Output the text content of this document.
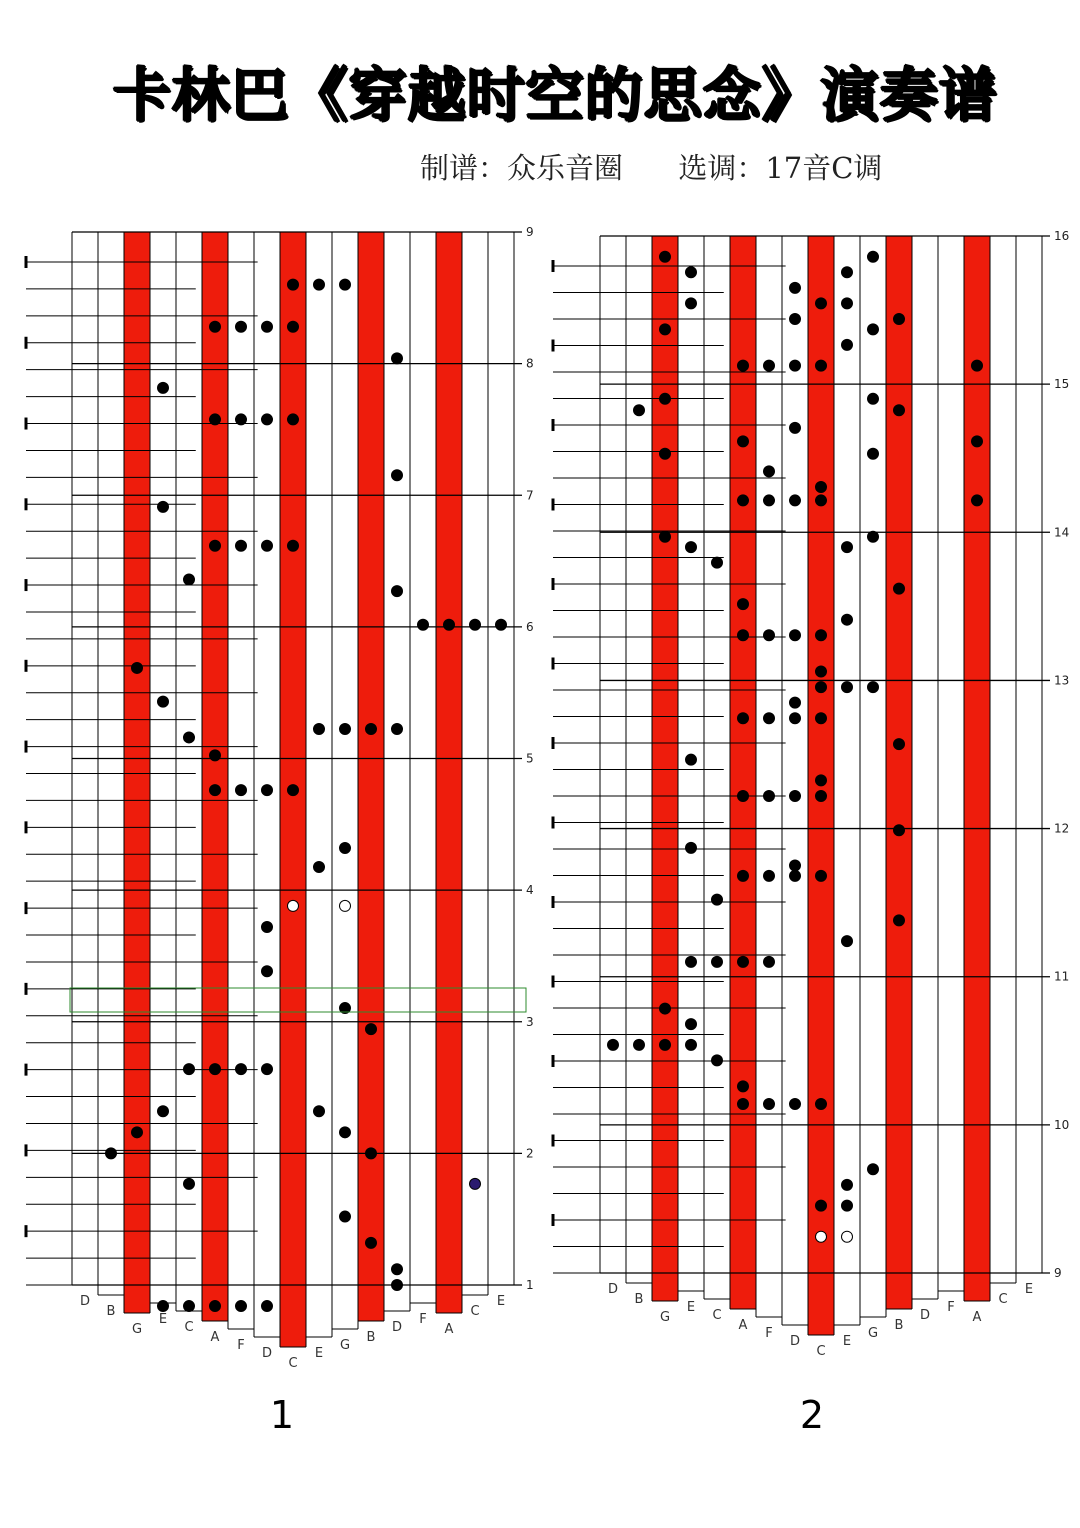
卡林巴《穿越时空的思念》演奏谱
制谱：众乐音圈 选调：17音C调
1
2
3
4
5
6
7
8
9
D
B
G
E
C
A
F
D
C
E
G
B
D
F
A
C
E
1
9
10
11
12
13
14
15
16
D
B
G
E
C
A
F
D
C
E
G
B
D
F
A
C
E
2
